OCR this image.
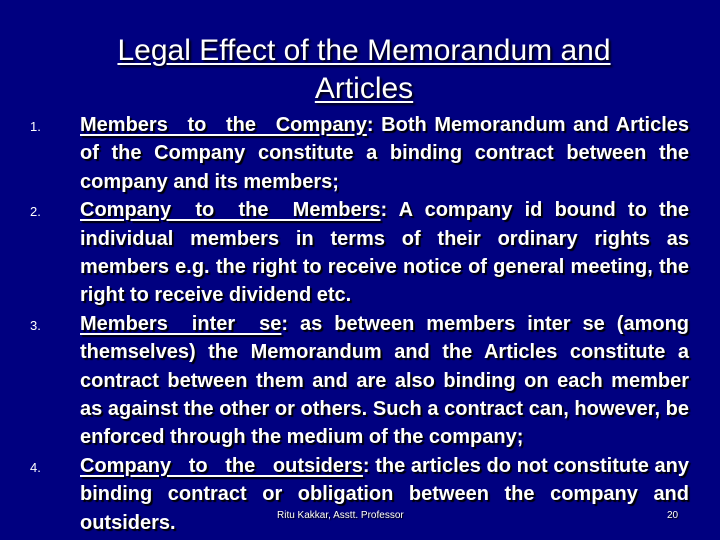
Legal Effect of the Memorandum and
Articles
1. Members to the Company: Both Memorandum and Articles of the Company constitute a binding contract between the company and its members;
2. Company to the Members: A company id bound to the individual members in terms of their ordinary rights as members e.g. the right to receive notice of general meeting, the right to receive dividend etc.
3. Members inter se: as between members inter se (among themselves) the Memorandum and the Articles constitute a contract between them and are also binding on each member as against the other or others. Such a contract can, however, be enforced through the medium of the company;
4. Company to the outsiders: the articles do not constitute any binding contract or obligation between the company and outsiders.	Ritu Kakkar, Asstt. Professor	20
